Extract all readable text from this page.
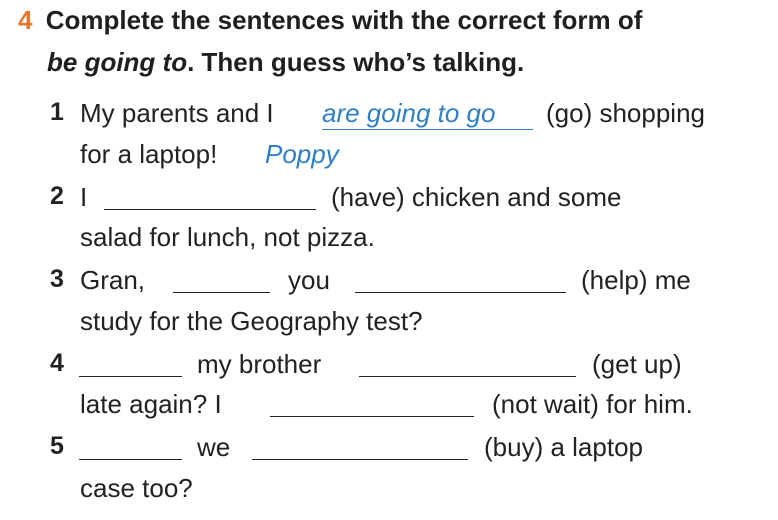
4 Complete the sentences with the correct form of
be going to. Then guess who’s talking.
1 My parents and I are going to go (go) shopping
for a laptop! Poppy
2 I	(have) chicken and some
salad for lunch, not pizza.
3 Gran,	you	(help) me
study for the Geography test?
4	my brother	(get up)
late again? I	(not wait) for him.
5	we	(buy) a laptop
case too?
